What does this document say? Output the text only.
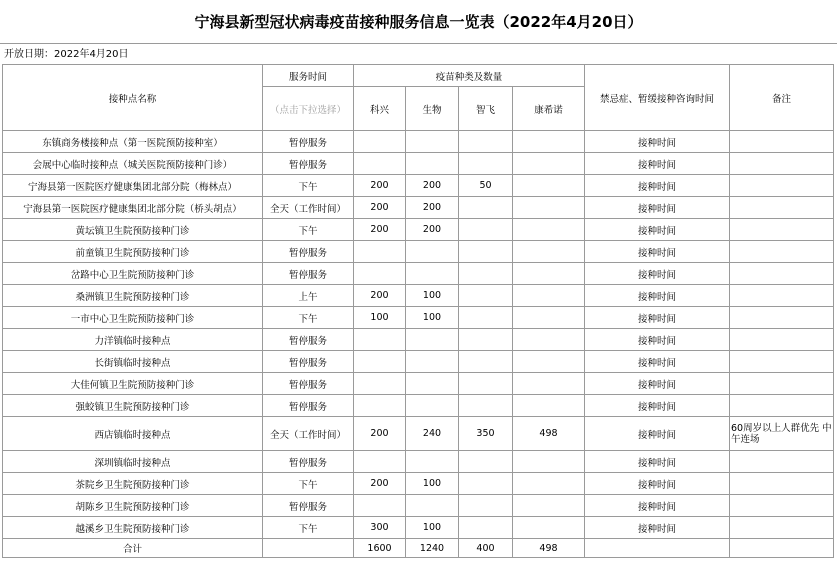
宁海县新型冠状病毒疫苗接种服务信息一览表（2022年4月20日）
开放日期：2022年4月20日
接种点名称	服务时间	疫苗种类及数量				禁忌症、暂缓接种咨询时间	备注
	（点击下拉选择）	科兴	生物	智飞	康希诺		
东镇商务楼接种点（第一医院预防接种室）	暂停服务					接种时间	
会展中心临时接种点（城关医院预防接种门诊）	暂停服务					接种时间	
宁海县第一医院医疗健康集团北部分院（梅林点）	下午	200	200	50		接种时间	
宁海县第一医院医疗健康集团北部分院（桥头胡点）	全天（工作时间）	200	200			接种时间	
黄坛镇卫生院预防接种门诊	下午	200	200			接种时间	
前童镇卫生院预防接种门诊	暂停服务					接种时间	
岔路中心卫生院预防接种门诊	暂停服务					接种时间	
桑洲镇卫生院预防接种门诊	上午	200	100			接种时间	
一市中心卫生院预防接种门诊	下午	100	100			接种时间	
力洋镇临时接种点	暂停服务					接种时间	
长街镇临时接种点	暂停服务					接种时间	
大佳何镇卫生院预防接种门诊	暂停服务					接种时间	
强蛟镇卫生院预防接种门诊	暂停服务					接种时间	
西店镇临时接种点	全天（工作时间）	200	240	350	498	接种时间	60周岁以上人群优先 中午连场
深圳镇临时接种点	暂停服务					接种时间	
茶院乡卫生院预防接种门诊	下午	200	100			接种时间	
胡陈乡卫生院预防接种门诊	暂停服务					接种时间	
越溪乡卫生院预防接种门诊	下午	300	100			接种时间	
合计		1600	1240	400	498		
